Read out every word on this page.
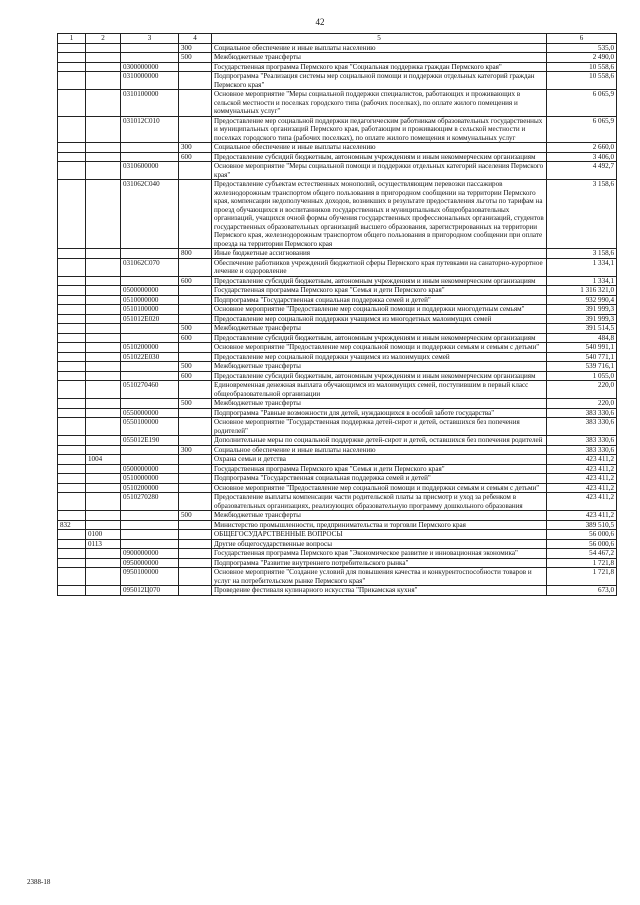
42
1	2	3	4	5	6
			300	Социальное обеспечение и иные выплаты населению	535,0
			500	Межбюджетные трансферты	2 490,0
		0300000000		Государственная программа Пермского края "Социальная поддержка граждан Пермского края"	10 558,6
		0310000000		Подпрограмма "Реализация системы мер социальной помощи и поддержки отдельных категорий граждан Пермского края"	10 558,6
		0310100000		Основное мероприятие "Меры социальной поддержки специалистов, работающих и проживающих в сельской местности и поселках городского типа (рабочих поселках), по оплате жилого помещения и коммунальных услуг"	6 065,9
		031012С010		Предоставление мер социальной поддержки педагогическим работникам образовательных государственных и муниципальных организаций Пермского края, работающим и проживающим в сельской местности и поселках городского типа (рабочих поселках), по оплате жилого помещения и коммунальных услуг	6 065,9
			300	Социальное обеспечение и иные выплаты населению	2 660,0
			600	Предоставление субсидий бюджетным, автономным учреждениям и иным некоммерческим организациям	3 406,0
		0310600000		Основное мероприятие "Меры социальной помощи и поддержки отдельных категорий населения Пермского края"	4 492,7
		031062С040		Предоставление субъектам естественных монополий, осуществляющим перевозки пассажиров железнодорожным транспортом общего пользования в пригородном сообщении на территории Пермского края, компенсации недополученных доходов, возникших в результате предоставления льготы по тарифам на проезд обучающихся и воспитанников государственных и муниципальных общеобразовательных организаций, учащихся очной формы обучения государственных профессиональных организаций, студентов государственных образовательных организаций высшего образования, зарегистрированных на территории Пермского края, железнодорожным транспортом общего пользования в пригородном сообщении при оплате проезда на территории Пермского края	3 158,6
			800	Иные бюджетные ассигнования	3 158,6
		031062С070		Обеспечение работников учреждений бюджетной сферы Пермского края путевками на санаторно-курортное лечение и оздоровление	1 334,1
			600	Предоставление субсидий бюджетным, автономным учреждениям и иным некоммерческим организациям	1 334,1
		0500000000		Государственная программа Пермского края "Семья и дети Пермского края"	1 316 321,0
		0510000000		Подпрограмма "Государственная социальная поддержка семей и детей"	932 990,4
		0510100000		Основное мероприятие "Предоставление мер социальной помощи и поддержки многодетным семьям"	391 999,3
		051012Е020		Предоставление мер социальной поддержки учащимся из многодетных малоимущих семей	391 999,3
			500	Межбюджетные трансферты	391 514,5
			600	Предоставление субсидий бюджетным, автономным учреждениям и иным некоммерческим организациям	484,8
		0510200000		Основное мероприятие "Предоставление мер социальной помощи и поддержки семьям и семьям с детьми"	540 991,1
		051022Е030		Предоставление мер социальной поддержки учащимся из малоимущих семей	540 771,1
			500	Межбюджетные трансферты	539 716,1
			600	Предоставление субсидий бюджетным, автономным учреждениям и иным некоммерческим организациям	1 055,0
		0510270460		Единовременная денежная выплата обучающимся из малоимущих семей, поступившим в первый класс общеобразовательной организации	220,0
			500	Межбюджетные трансферты	220,0
		0550000000		Подпрограмма "Равные возможности для детей, нуждающихся в особой заботе государства"	383 330,6
		0550100000		Основное мероприятие "Государственная поддержка детей-сирот и детей, оставшихся без попечения родителей"	383 330,6
		055012Е190		Дополнительные меры по социальной поддержке детей-сирот и детей, оставшихся без попечения родителей	383 330,6
			300	Социальное обеспечение и иные выплаты населению	383 330,6
	1004			Охрана семьи и детства	423 411,2
		0500000000		Государственная программа Пермского края "Семья и дети Пермского края"	423 411,2
		0510000000		Подпрограмма "Государственная социальная поддержка семей и детей"	423 411,2
		0510200000		Основное мероприятие "Предоставление мер социальной помощи и поддержки семьям и семьям с детьми"	423 411,2
		0510270280		Предоставление выплаты компенсации части родительской платы за присмотр и уход за ребенком в образовательных организациях, реализующих образовательную программу дошкольного образования	423 411,2
			500	Межбюджетные трансферты	423 411,2
832				Министерство промышленности, предпринимательства и торговли Пермского края	389 510,5
	0100			ОБЩЕГОСУДАРСТВЕННЫЕ ВОПРОСЫ	56 000,6
	0113			Другие общегосударственные вопросы	56 000,6
		0900000000		Государственная программа Пермского края "Экономическое развитие и инновационная экономика"	54 467,2
		0950000000		Подпрограмма "Развитие внутреннего потребительского рынка"	1 721,8
		0950100000		Основное мероприятие "Создание условий для повышения качества и конкурентоспособности товаров и услуг на потребительском рынке Пермского края"	1 721,8
		095012Ц070		Проведение фестиваля кулинарного искусства "Прикамская кухня"	673,0
2388-18
